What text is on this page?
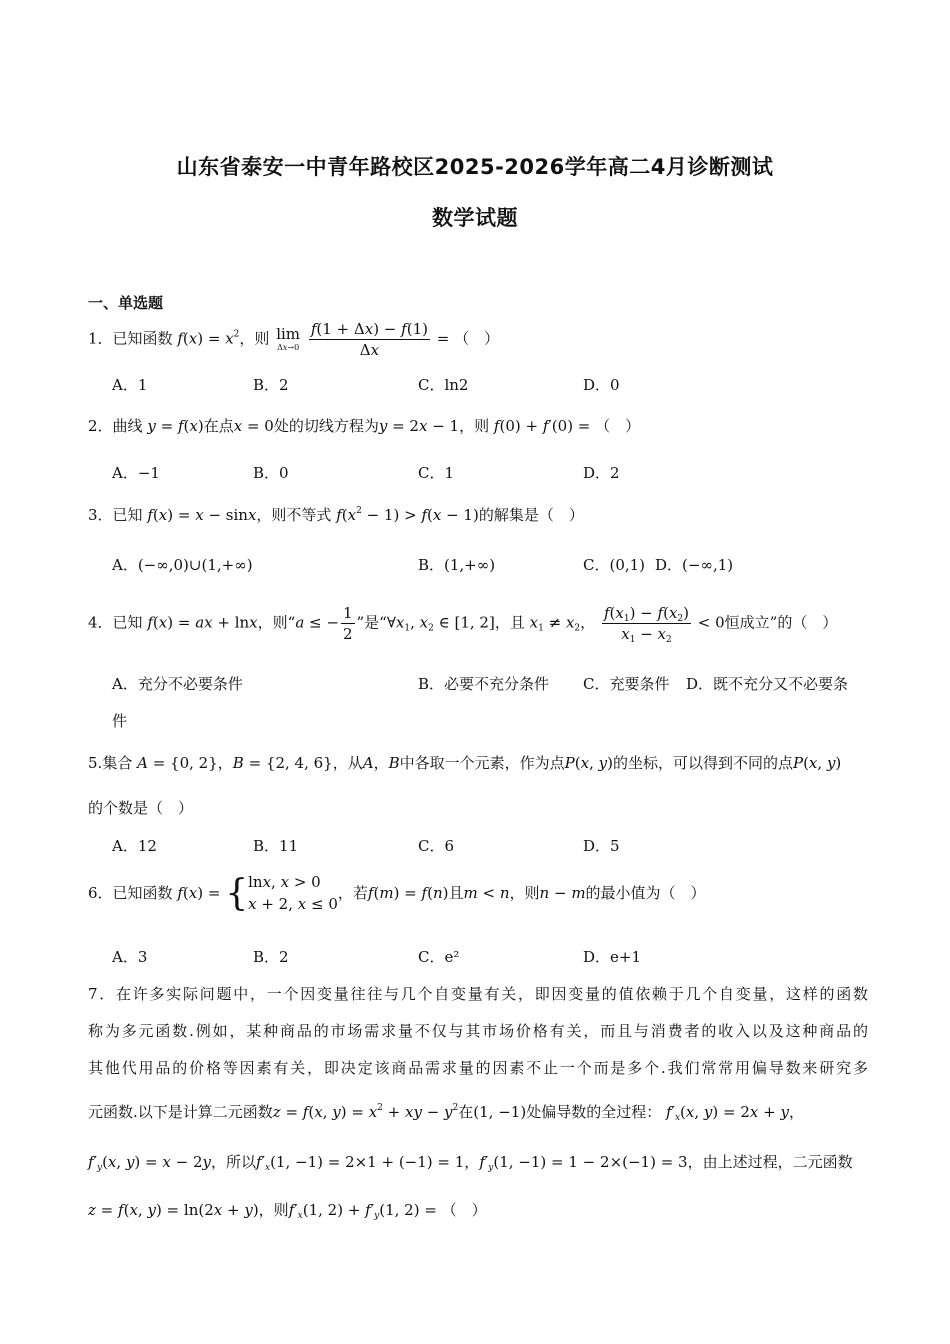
山东省泰安一中青年路校区2025-2026学年高二4月诊断测试
数学试题
一、单选题
1．已知函数 $f(x) = x^2$，则 lim
Δx→0
$\frac{f(1 + \Delta x) - f(1)}{\Delta x}$ = （　）
A．1	B．2	C．ln2	D．0
2．曲线 y = f(x)在点x = 0处的切线方程为y = 2x − 1，则 f(0) + f′(0) = （　）
A．−1	B．0	C．1	D．2
3．已知 f(x) = x − sinx，则不等式 $f(x^2 - 1) > f(x - 1)$的解集是（　）
A．(−∞,0)∪(1,+∞)	B．(1,+∞)	C．(0,1) D．(−∞,1)
4．已知 f(x) = ax + lnx，则“a ≤ − $\frac{1}{2}$ ”是“$\forall x_1$, $x_2$ ∈ [1, 2]，且 $x_1 \ne x_2$， $\frac{f(x_1) - f(x_2)}{x_1 - x_2} < 0$恒成立”的（　）
A．充分不必要条件	B．必要不充分条件 C．充要条件 D．既不充分又不必要条
件
5.集合 A = {0, 2}，B = {2, 4, 6}，从A，B中各取一个元素，作为点P(x, y)的坐标，可以得到不同的点P(x, y)
的个数是（　）
A．12	B．11	C．6	D．5
6．已知函数 f(x) = {lnx, x > 0
x + 2, x ≤ 0，若f(m) = f(n)且m < n，则n − m的最小值为（　）
A．3	B．2	C．e²	D．e+1
7．在许多实际问题中，一个因变量往往与几个自变量有关，即因变量的值依赖于几个自变量，这样的函数
称为多元函数.例如，某种商品的市场需求量不仅与其市场价格有关，而且与消费者的收入以及这种商品的
其他代用品的价格等因素有关，即决定该商品需求量的因素不止一个而是多个.我们常常用偏导数来研究多
元函数.以下是计算二元函数z = f(x, $y) = x^2$ + xy − $y^2$在(1, −1)处偏导数的全过程： $f'_x(x$, y) = 2x + y，
$f'_y(x$, y) = x − 2y，所以$f'_x(1$, −1) = 2×1 + (−1) = 1，$f'_y(1$, −1) = 1 − 2×(−1) = 3，由上述过程，二元函数
z = f(x, y) = ln(2x + y)，则$f'_x(1$, $2) + f'_y(1$, 2) = （　）
